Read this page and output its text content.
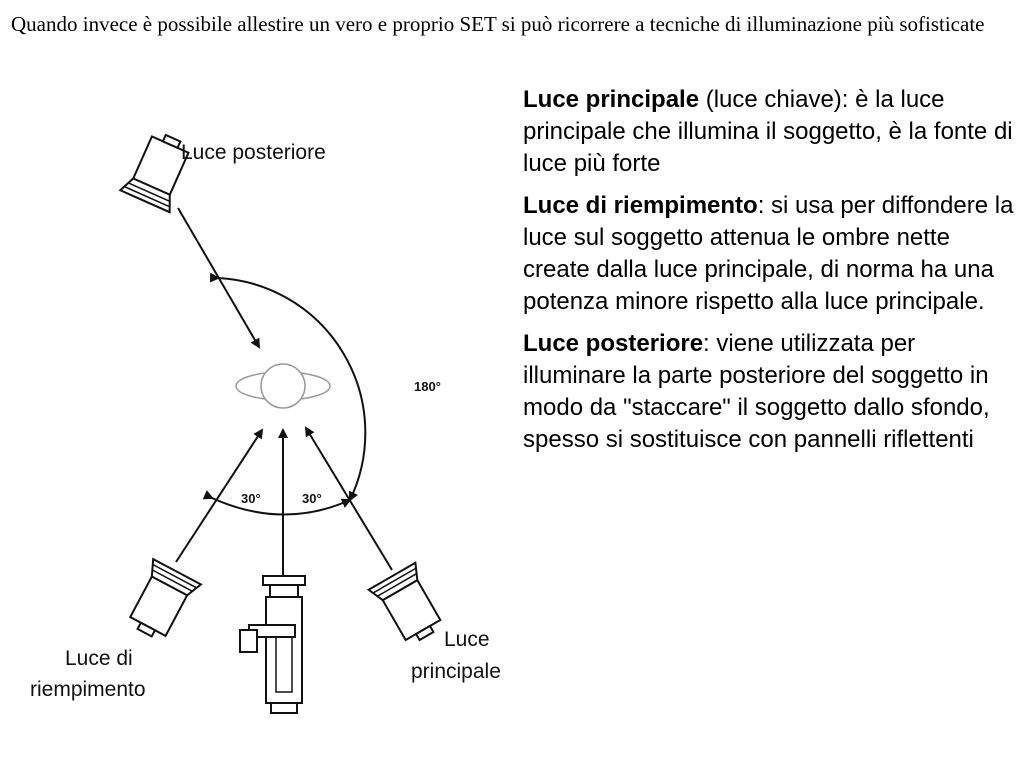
Quando invece è possibile allestire un vero e proprio SET si può ricorrere a tecniche di illuminazione più sofisticate
180°
30°	30°
Luce posteriore
Luce di
riempimento
Luce
principale

Luce principale (luce chiave): è la luce principale che illumina il soggetto, è la fonte di luce più forte

Luce di riempimento: si usa per diffondere la luce sul soggetto attenua le ombre nette create dalla luce principale, di norma ha una potenza minore rispetto alla luce principale.

Luce posteriore: viene utilizzata per illuminare la parte posteriore del soggetto in modo da "staccare" il soggetto dallo sfondo, spesso si sostituisce con pannelli riflettenti
